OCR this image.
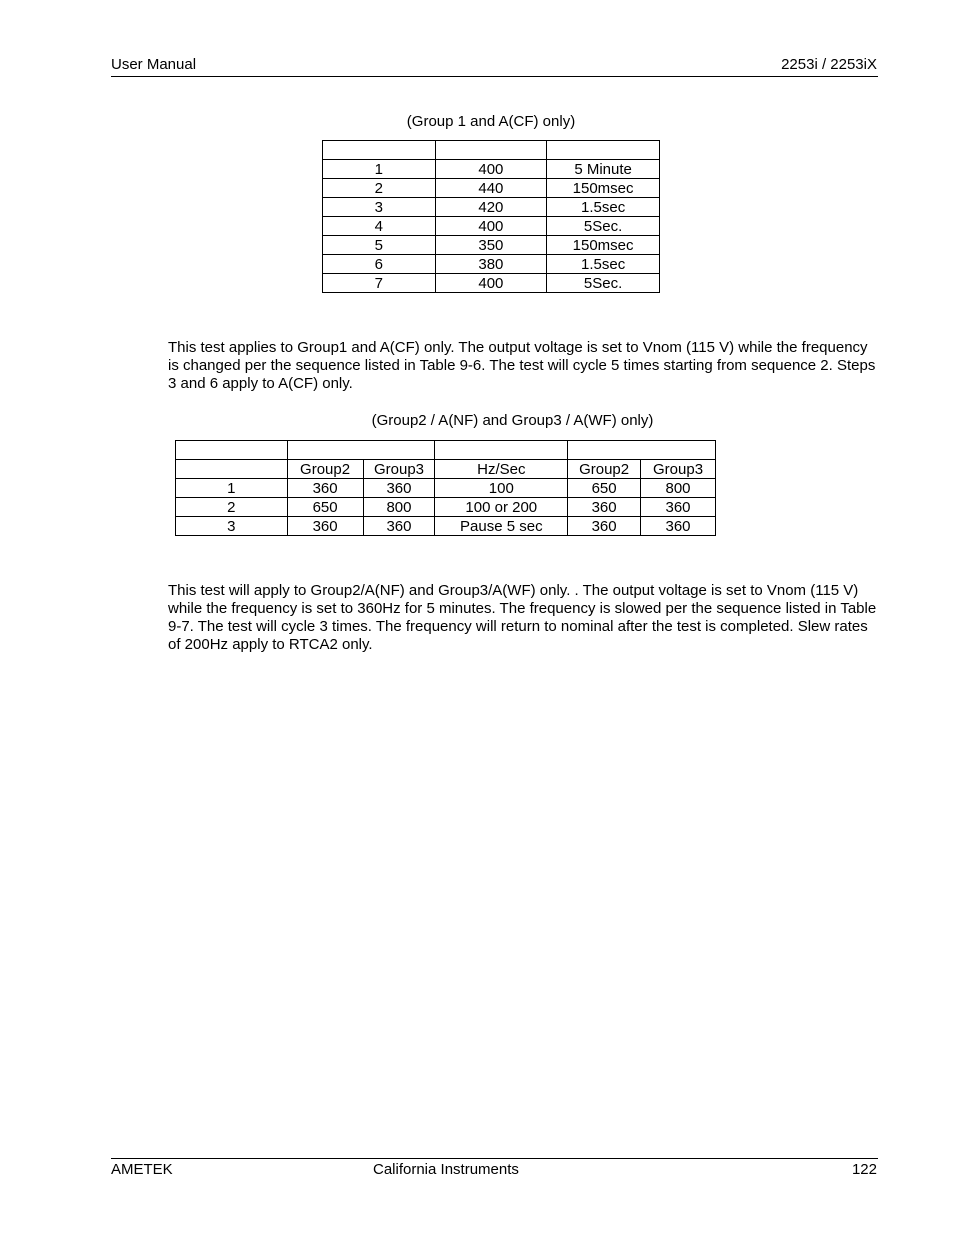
User Manual	2253i / 2253iX
(Group 1 and A(CF) only)

1	400	5 Minute
2	440	150msec
3	420	1.5sec
4	400	5Sec.
5	350	150msec
6	380	1.5sec
7	400	5Sec.
This test applies to Group1 and A(CF) only. The output voltage is set to Vnom (115 V) while the frequency is changed per the sequence listed in Table 9-6. The test will cycle 5 times starting from sequence 2. Steps 3 and 6 apply to A(CF) only.
(Group2 / A(NF) and Group3 / A(WF) only)

	Group2	Group3	Hz/Sec	Group2	Group3
1	360	360	100	650	800
2	650	800	100 or 200	360	360
3	360	360	Pause 5 sec	360	360
This test will apply to Group2/A(NF) and Group3/A(WF) only. . The output voltage is set to Vnom (115 V) while the frequency is set to 360Hz for 5 minutes. The frequency is slowed per the sequence listed in Table 9-7. The test will cycle 3 times. The frequency will return to nominal after the test is completed. Slew rates of 200Hz apply to RTCA2 only.
AMETEK	California Instruments	122
